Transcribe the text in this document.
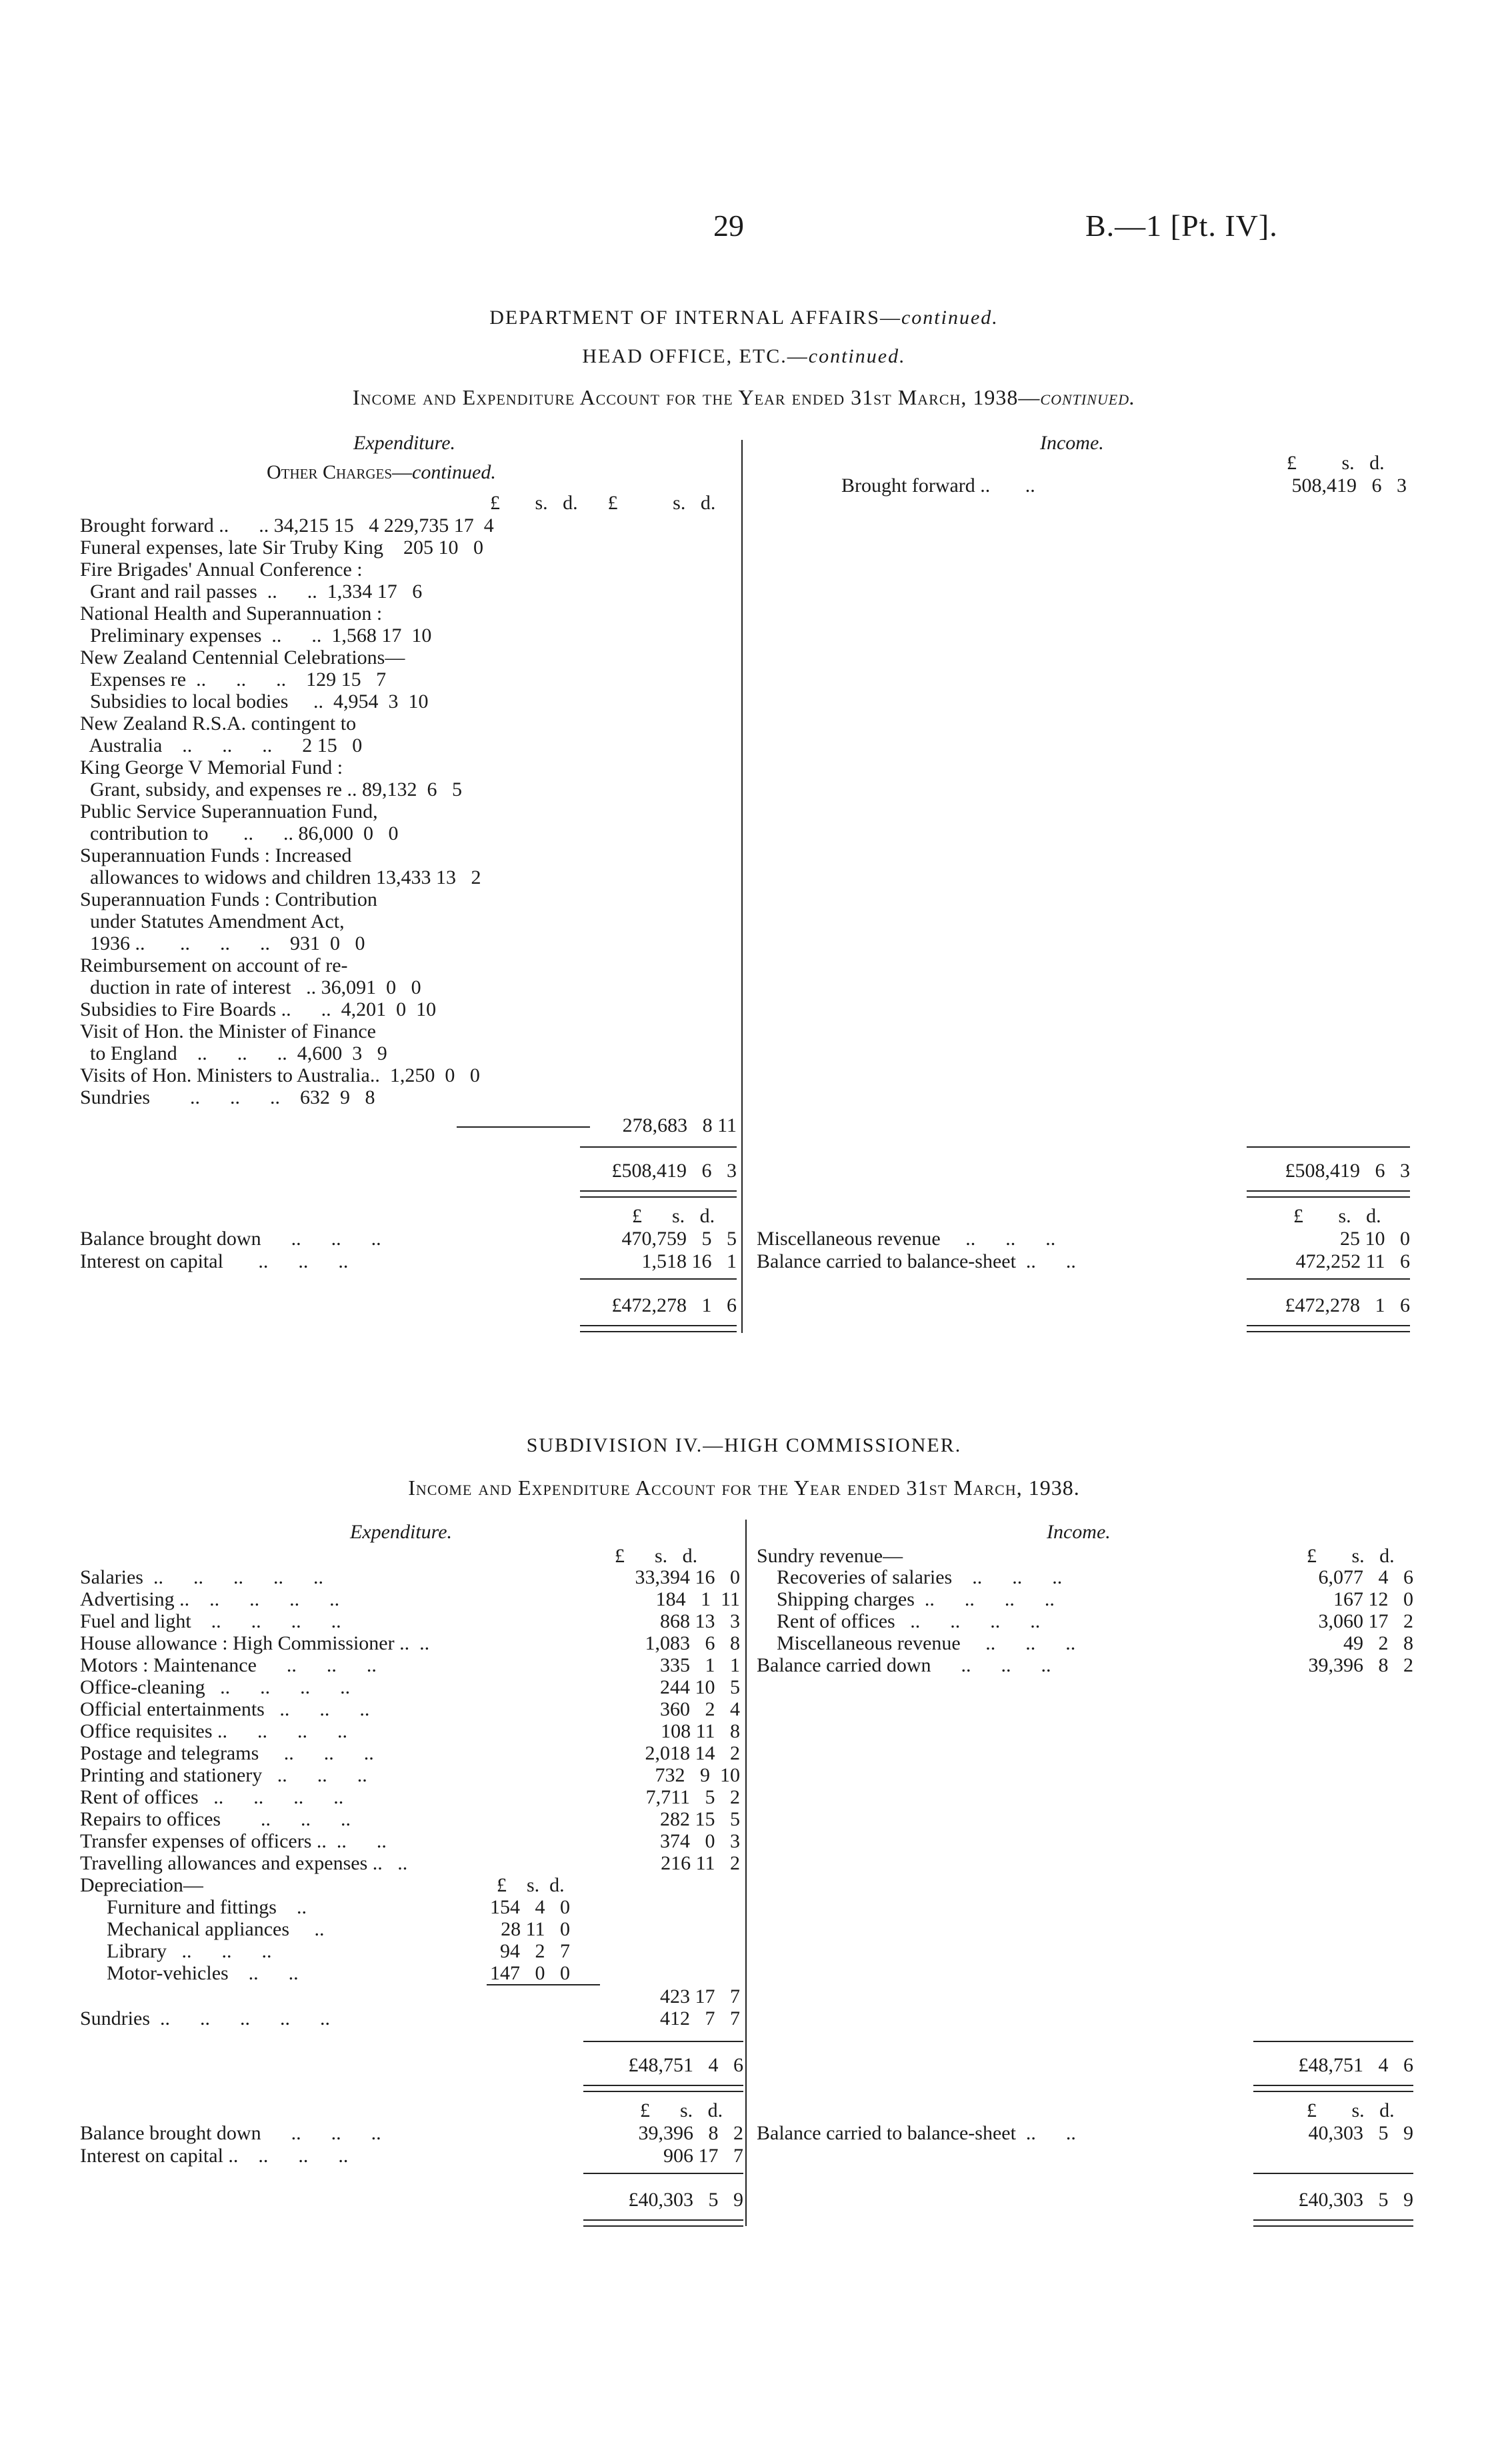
29	B.—1 [Pt. IV].
DEPARTMENT OF INTERNAL AFFAIRS—continued.
HEAD OFFICE, ETC.—continued.
Income and Expenditure Account for the Year ended 31st March, 1938—continued.
Expenditure.	Income.
Other Charges—continued.
£       s.   d.      £           s.   d.
£         s.   d.
Brought forward ..      .. 34,215 15   4 229,735 17  4
Funeral expenses, late Sir Truby King    205 10   0
Fire Brigades' Annual Conference :
Grant and rail passes  ..      ..  1,334 17   6
National Health and Superannuation :
Preliminary expenses  ..      ..  1,568 17  10
New Zealand Centennial Celebrations—
Expenses re  ..      ..      ..    129 15   7
Subsidies to local bodies     ..  4,954  3  10
New Zealand R.S.A. contingent to
Australia    ..      ..      ..      2 15   0
King George V Memorial Fund :
Grant, subsidy, and expenses re .. 89,132  6   5
Public Service Superannuation Fund,
contribution to       ..      .. 86,000  0   0
Superannuation Funds : Increased
allowances to widows and children 13,433 13   2
Superannuation Funds : Contribution
under Statutes Amendment Act,
1936 ..       ..      ..      ..    931  0   0
Reimbursement on account of re-
duction in rate of interest   .. 36,091  0   0
Subsidies to Fire Boards ..      ..  4,201  0  10
Visit of Hon. the Minister of Finance
to England    ..      ..      ..  4,600  3   9
Visits of Hon. Ministers to Australia..  1,250  0   0
Sundries        ..      ..      ..    632  9   8
Brought forward ..       ..	508,419   6   3
278,683   8 11
£508,419   6   3	£508,419   6   3
£      s.   d.	£       s.   d.
Balance brought down      ..      ..      ..	470,759   5   5
Interest on capital       ..      ..      ..	1,518 16   1
Miscellaneous revenue     ..      ..      ..	25 10   0
Balance carried to balance-sheet  ..      ..	472,252 11   6
£472,278   1   6	£472,278   1   6
SUBDIVISION IV.—HIGH COMMISSIONER.
Income and Expenditure Account for the Year ended 31st March, 1938.
Expenditure.	Income.
£      s.   d.	£       s.   d.
Salaries  ..      ..      ..      ..      ..	33,394 16   0
Advertising ..    ..      ..      ..      ..	184   1  11
Fuel and light    ..      ..      ..      ..	868 13   3
House allowance : High Commissioner ..  ..	1,083   6   8
Motors : Maintenance      ..      ..      ..	335   1   1
Office-cleaning   ..      ..      ..      ..	244 10   5
Official entertainments   ..      ..      ..	360   2   4
Office requisites ..      ..      ..      ..	108 11   8
Postage and telegrams     ..      ..      ..	2,018 14   2
Printing and stationery   ..      ..      ..	732   9  10
Rent of offices   ..      ..      ..      ..	7,711   5   2
Repairs to offices        ..      ..      ..	282 15   5
Transfer expenses of officers ..  ..      ..	374   0   3
Travelling allowances and expenses ..   ..	216 11   2
Depreciation—	£    s.  d.
Furniture and fittings    ..	154   4   0
Mechanical appliances     ..	28 11   0
Library   ..      ..      ..	94   2   7
Motor-vehicles    ..      ..	147   0   0
423 17   7
Sundries  ..      ..      ..      ..      ..	412   7   7
Sundry revenue—
Recoveries of salaries    ..      ..      ..	6,077   4   6
Shipping charges  ..      ..      ..      ..	167 12   0
Rent of offices   ..      ..      ..      ..	3,060 17   2
Miscellaneous revenue     ..      ..      ..	49   2   8
Balance carried down      ..      ..      ..	39,396   8   2
£48,751   4   6	£48,751   4   6
£      s.   d.	£       s.   d.
Balance brought down      ..      ..      ..	39,396   8   2
Interest on capital ..    ..      ..      ..	906 17   7
Balance carried to balance-sheet  ..      ..	40,303   5   9
£40,303   5   9	£40,303   5   9
